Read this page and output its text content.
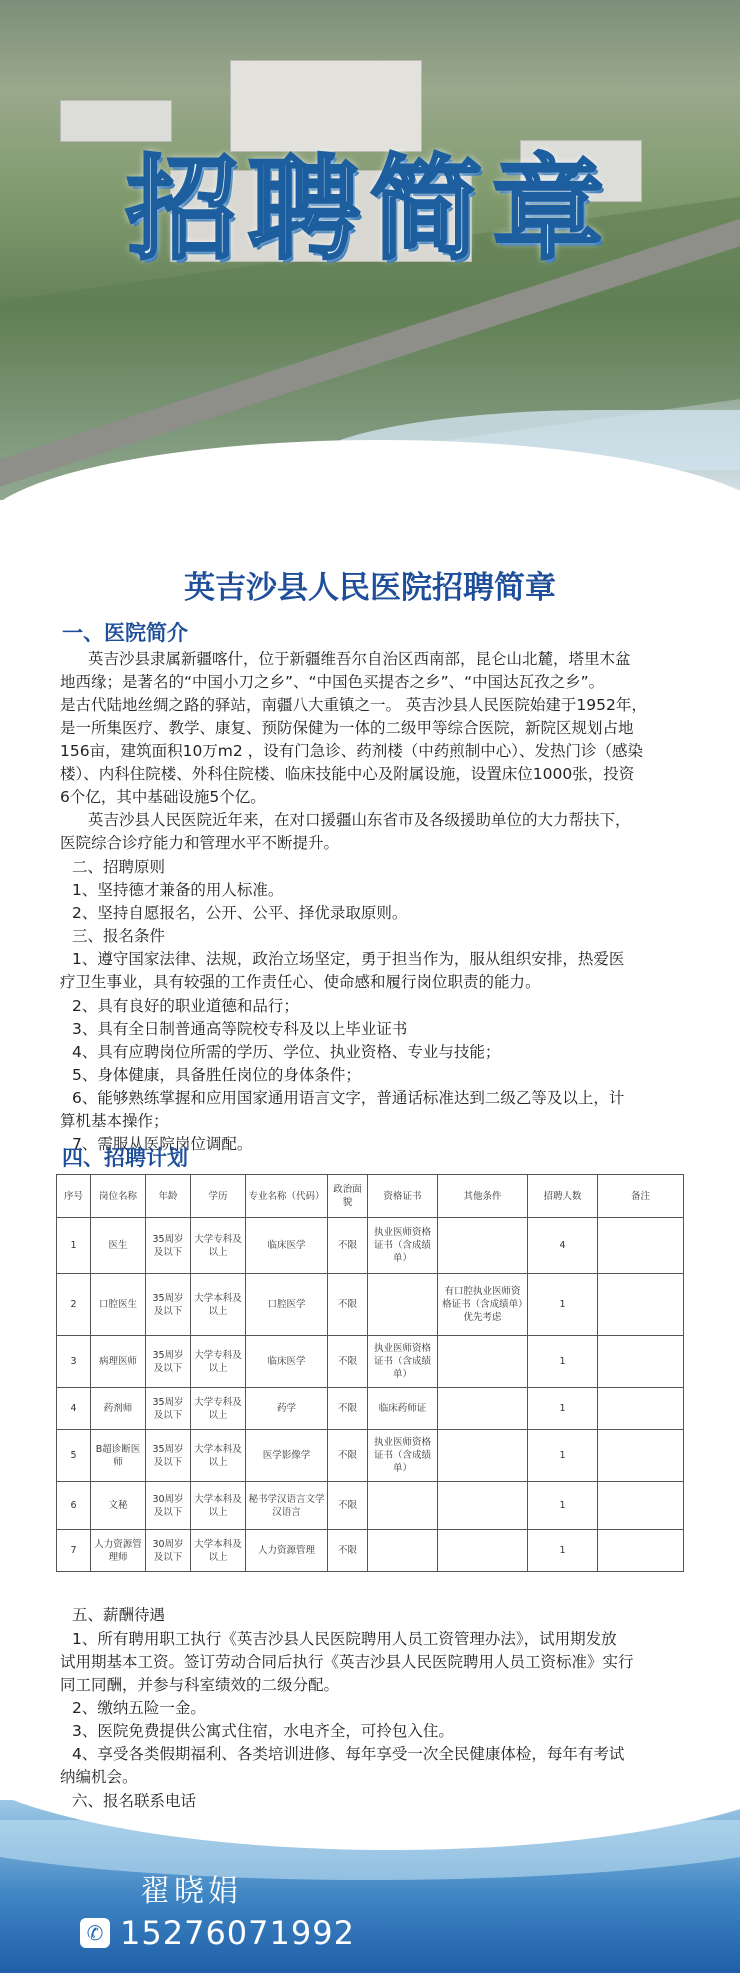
招聘简章
英吉沙县人民医院招聘简章
一、医院简介
英吉沙县隶属新疆喀什，位于新疆维吾尔自治区西南部，昆仑山北麓，塔里木盆
地西缘；是著名的“中国小刀之乡”、“中国色买提杏之乡”、“中国达瓦孜之乡”。
是古代陆地丝绸之路的驿站，南疆八大重镇之一。 英吉沙县人民医院始建于1952年，
是一所集医疗、教学、康复、预防保健为一体的二级甲等综合医院，新院区规划占地
156亩，建筑面积10万m2 ，设有门急诊、药剂楼（中药煎制中心）、发热门诊（感染
楼）、内科住院楼、外科住院楼、临床技能中心及附属设施，设置床位1000张，投资
6个亿，其中基础设施5个亿。
英吉沙县人民医院近年来，在对口援疆山东省市及各级援助单位的大力帮扶下，
医院综合诊疗能力和管理水平不断提升。
二、招聘原则
1、坚持德才兼备的用人标准。
2、坚持自愿报名，公开、公平、择优录取原则。
三、报名条件
1、遵守国家法律、法规，政治立场坚定，勇于担当作为，服从组织安排，热爱医
疗卫生事业，具有较强的工作责任心、使命感和履行岗位职责的能力。
2、具有良好的职业道德和品行；
3、具有全日制普通高等院校专科及以上毕业证书
4、具有应聘岗位所需的学历、学位、执业资格、专业与技能；
5、身体健康，具备胜任岗位的身体条件；
6、能够熟练掌握和应用国家通用语言文字，普通话标准达到二级乙等及以上，计
算机基本操作；
7、需服从医院岗位调配。
四、招聘计划
序号	岗位名称	年龄	学历	专业名称（代码）	政治面貌	资格证书	其他条件	招聘人数	备注
1	医生	35周岁及以下	大学专科及以上	临床医学	不限	执业医师资格证书（含成绩单）		4	
2	口腔医生	35周岁及以下	大学本科及以上	口腔医学	不限		有口腔执业医师资格证书（含成绩单）优先考虑	1	
3	病理医师	35周岁及以下	大学专科及以上	临床医学	不限	执业医师资格证书（含成绩单）		1	
4	药剂师	35周岁及以下	大学专科及以上	药学	不限	临床药师证		1	
5	B超诊断医师	35周岁及以下	大学本科及以上	医学影像学	不限	执业医师资格证书（含成绩单）		1	
6	文秘	30周岁及以下	大学本科及以上	秘书学汉语言文学汉语言	不限			1	
7	人力资源管理师	30周岁及以下	大学本科及以上	人力资源管理	不限			1	
五、薪酬待遇
1、所有聘用职工执行《英吉沙县人民医院聘用人员工资管理办法》，试用期发放
试用期基本工资。签订劳动合同后执行《英吉沙县人民医院聘用人员工资标准》实行
同工同酬，并参与科室绩效的二级分配。
2、缴纳五险一金。
3、医院免费提供公寓式住宿，水电齐全，可拎包入住。
4、享受各类假期福利、各类培训进修、每年享受一次全民健康体检，每年有考试
纳编机会。
六、报名联系电话
翟晓娟
✆ 15276071992
